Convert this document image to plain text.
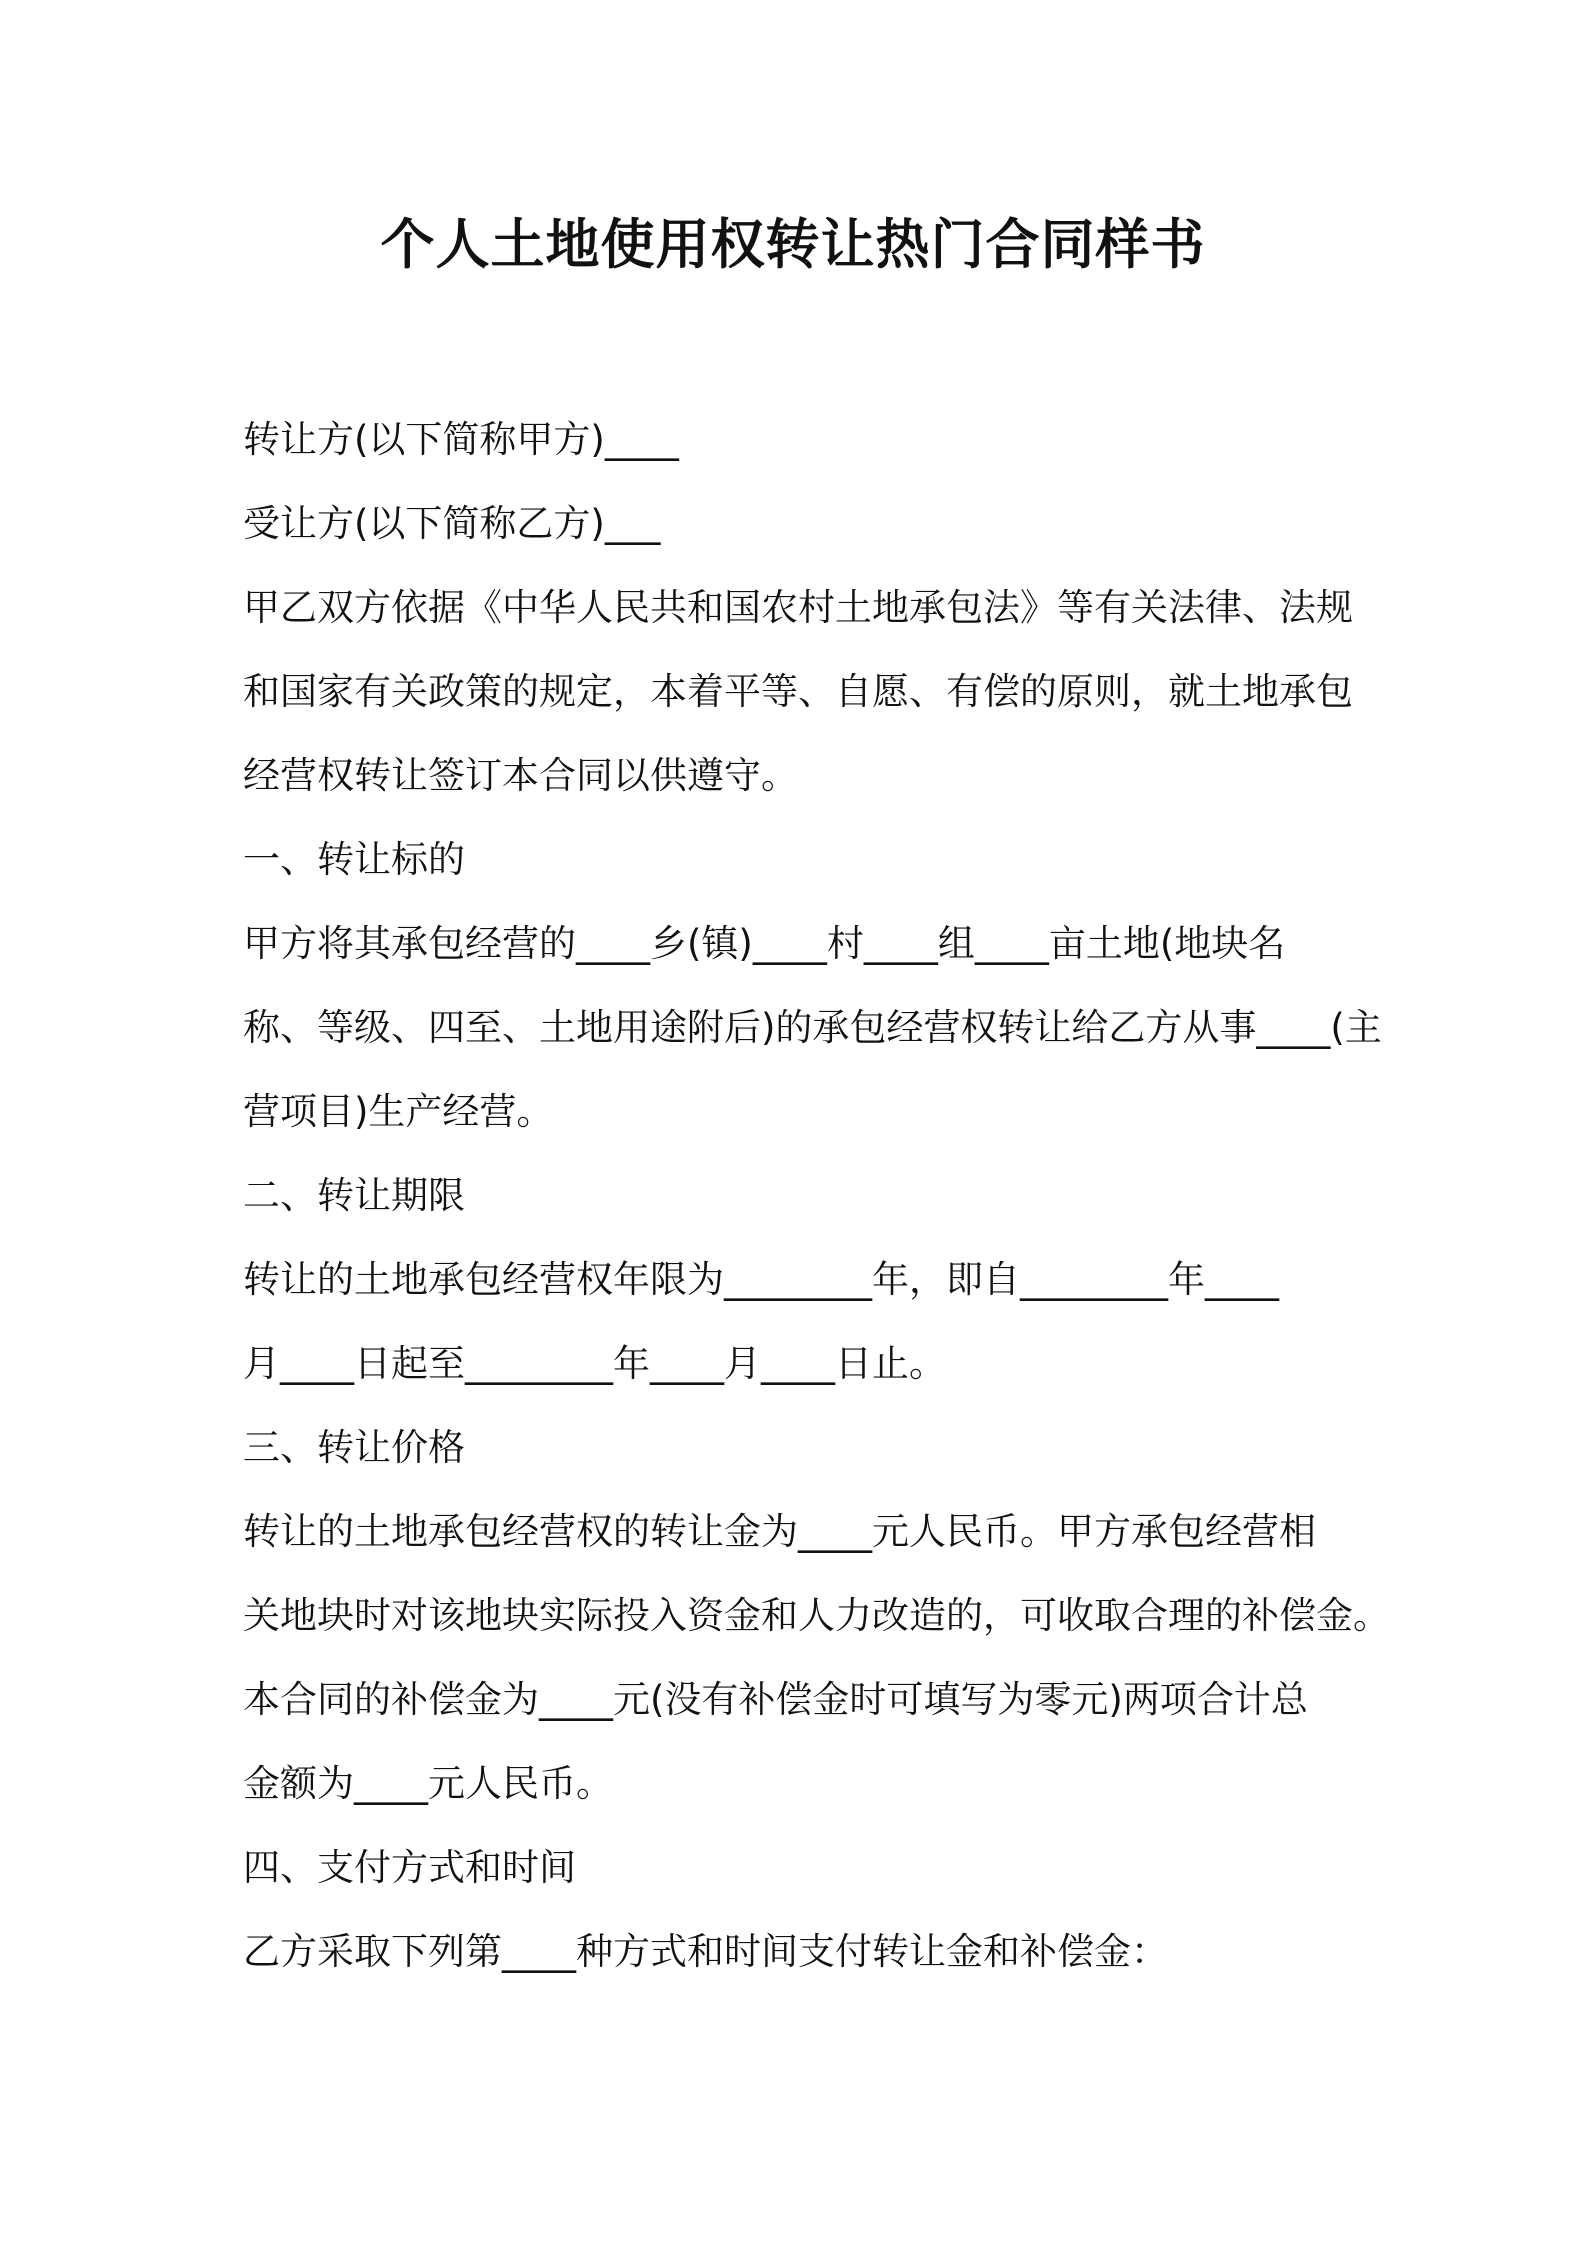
个人土地使用权转让热门合同样书
转让方(以下简称甲方)____
受让方(以下简称乙方)___
甲乙双方依据《中华人民共和国农村土地承包法》等有关法律、法规
和国家有关政策的规定，本着平等、自愿、有偿的原则，就土地承包
经营权转让签订本合同以供遵守。
一、转让标的
甲方将其承包经营的____乡(镇)____村____组____亩土地(地块名
称、等级、四至、土地用途附后)的承包经营权转让给乙方从事____(主
营项目)生产经营。
二、转让期限
转让的土地承包经营权年限为________年，即自________年____
月____日起至________年____月____日止。
三、转让价格
转让的土地承包经营权的转让金为____元人民币。甲方承包经营相
关地块时对该地块实际投入资金和人力改造的，可收取合理的补偿金。
本合同的补偿金为____元(没有补偿金时可填写为零元)两项合计总
金额为____元人民币。
四、支付方式和时间
乙方采取下列第____种方式和时间支付转让金和补偿金：
